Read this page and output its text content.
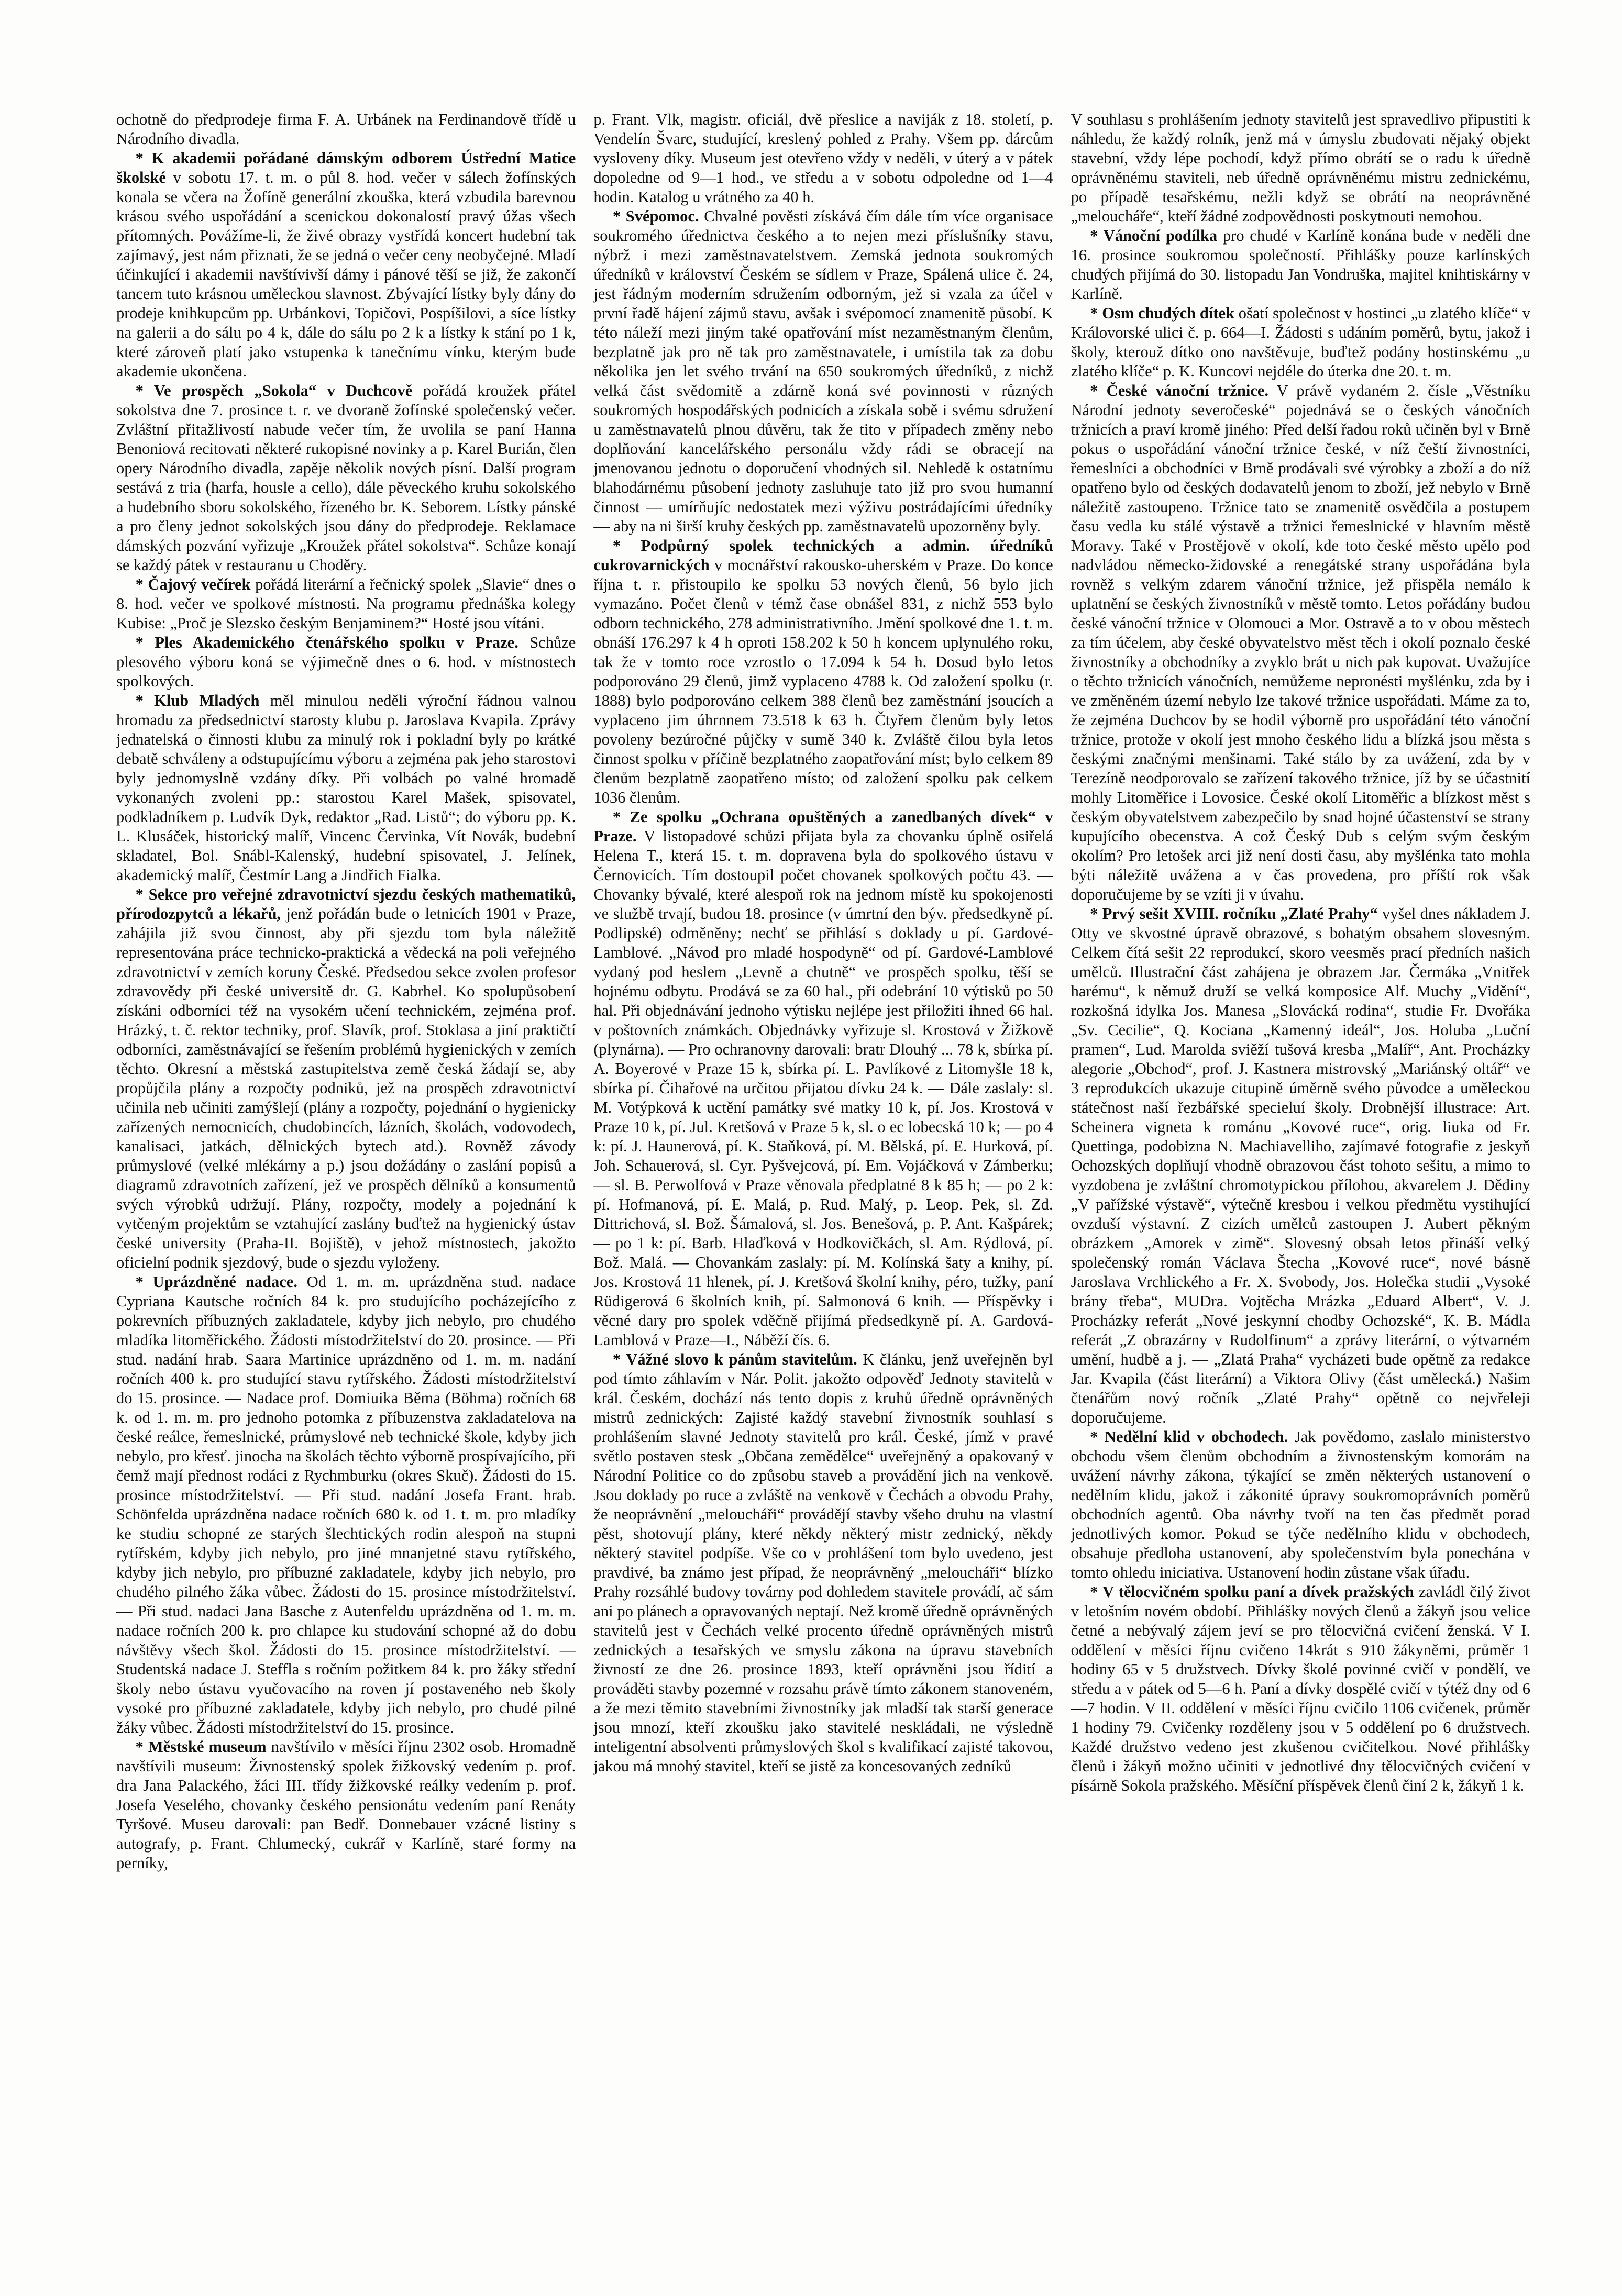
ochotně do předprodeje firma F. A. Urbánek na Ferdinandově třídě u Národního divadla.

* K akademii pořádané dámským odborem Ústřední Matice školské v sobotu 17. t. m. o půl 8. hod. večer v sálech žofínských konala se včera na Žofíně generální zkouška, která vzbudila barevnou krásou svého uspořádání a scenickou dokonalostí pravý úžas všech přítomných. Povážíme-li, že živé obrazy vystřídá koncert hudební tak zajímavý, jest nám přiznati, že se jedná o večer ceny neobyčejné. Mladí účinkující i akademii navštívivší dámy i pánové těší se již, že zakončí tancem tuto krásnou uměleckou slavnost. Zbývající lístky byly dány do prodeje knihkupcům pp. Urbánkovi, Topičovi, Pospíšilovi, a síce lístky na galerii a do sálu po 4 k, dále do sálu po 2 k a lístky k stání po 1 k, které zároveň platí jako vstupenka k tanečnímu vínku, kterým bude akademie ukončena.

* Ve prospěch „Sokola“ v Duchcově pořádá kroužek přátel sokolstva dne 7. prosince t. r. ve dvoraně žofínské společenský večer. Zvláštní přitažlivostí nabude večer tím, že uvolila se paní Hanna Benoniová recitovati některé rukopisné novinky a p. Karel Burián, člen opery Národního divadla, zapěje několik nových písní. Další program sestává z tria (harfa, housle a cello), dále pěveckého kruhu sokolského a hudebního sboru sokolského, řízeného br. K. Seborem. Lístky pánské a pro členy jednot sokolských jsou dány do předprodeje. Reklamace dámských pozvání vyřizuje „Kroužek přátel sokolstva“. Schůze konají se každý pátek v restauranu u Choděry.

* Čajový večírek pořádá literární a řečnický spolek „Slavie“ dnes o 8. hod. večer ve spolkové místnosti. Na programu přednáška kolegy Kubise: „Proč je Slezsko českým Benjaminem?“ Hosté jsou vítáni.

* Ples Akademického čtenářského spolku v Praze. Schůze plesového výboru koná se výjimečně dnes o 6. hod. v místnostech spolkových.

* Klub Mladých měl minulou neděli výroční řádnou valnou hromadu za předsednictví starosty klubu p. Jaroslava Kvapila. Zprávy jednatelská o činnosti klubu za minulý rok i pokladní byly po krátké debatě schváleny a odstupujícímu výboru a zejména pak jeho starostovi byly jednomyslně vzdány díky. Při volbách po valné hromadě vykonaných zvoleni pp.: starostou Karel Mašek, spisovatel, podkladníkem p. Ludvík Dyk, redaktor „Rad. Listů“; do výboru pp. K. L. Klusáček, historický malíř, Vincenc Červinka, Vít Novák, budební skladatel, Bol. Snábl-Kalenský, hudební spisovatel, J. Jelínek, akademický malíř, Čestmír Lang a Jindřich Fialka.

* Sekce pro veřejné zdravotnictví sjezdu českých mathematiků, přírodozpytců a lékařů, jenž pořádán bude o letnicích 1901 v Praze, zahájila již svou činnost, aby při sjezdu tom byla náležitě representována práce technicko-praktická a vědecká na poli veřejného zdravotnictví v zemích koruny České. Předsedou sekce zvolen profesor zdravovědy při české universitě dr. G. Kabrhel. Ko spolupůsobení získáni odborníci též na vysokém učení technickém, zejména prof. Hrázký, t. č. rektor techniky, prof. Slavík, prof. Stoklasa a jiní praktičtí odborníci, zaměstnávající se řešením problémů hygienických v zemích těchto. Okresní a městská zastupitelstva země česká žádají se, aby propůjčila plány a rozpočty podniků, jež na prospěch zdravotnictví učinila neb učiniti zamýšlejí (plány a rozpočty, pojednání o hygienicky zařízených nemocnicích, chudobincích, lázních, školách, vodovodech, kanalisaci, jatkách, dělnických bytech atd.). Rovněž závody průmyslové (velké mlékárny a p.) jsou dožádány o zaslání popisů a diagramů zdravotních zařízení, jež ve prospěch dělníků a konsumentů svých výrobků udržují. Plány, rozpočty, modely a pojednání k vytčeným projektům se vztahující zaslány buďtež na hygienický ústav české university (Praha-II. Bojiště), v jehož místnostech, jakožto oficielní podnik sjezdový, bude o sjezdu vyloženy.

* Uprázdněné nadace. Od 1. m. m. uprázdněna stud. nadace Cypriana Kautsche ročních 84 k. pro studujícího pocházejícího z pokrevních příbuzných zakladatele, kdyby jich nebylo, pro chudého mladíka litoměřického. Žádosti místodržitelství do 20. prosince. — Při stud. nadání hrab. Saara Martinice uprázdněno od 1. m. m. nadání ročních 400 k. pro studující stavu rytířského. Žádosti místodržitelství do 15. prosince. — Nadace prof. Domiuika Běma (Böhma) ročních 68 k. od 1. m. m. pro jednoho potomka z příbuzenstva zakladatelova na české reálce, řemeslnické, průmyslové neb technické škole, kdyby jich nebylo, pro křesť. jinocha na školách těchto výborně prospívajícího, při čemž mají přednost rodáci z Rychmburku (okres Skuč). Žádosti do 15. prosince místodržitelství. — Při stud. nadání Josefa Frant. hrab. Schönfelda uprázdněna nadace ročních 680 k. od 1. t. m. pro mladíky ke studiu schopné ze starých šlechtických rodin alespoň na stupni rytířském, kdyby jich nebylo, pro jiné mnanjetné stavu rytířského, kdyby jich nebylo, pro příbuzné zakladatele, kdyby jich nebylo, pro chudého pilného žáka vůbec. Žádosti do 15. prosince místodržitelství. — Při stud. nadaci Jana Basche z Autenfeldu uprázdněna od 1. m. m. nadace ročních 200 k. pro chlapce ku studování schopné až do dobu návštěvy všech škol. Žádosti do 15. prosince místodržitelství. — Studentská nadace J. Steffla s ročním požitkem 84 k. pro žáky střední školy nebo ústavu vyučovacího na roven jí postaveného neb školy vysoké pro příbuzné zakladatele, kdyby jich nebylo, pro chudé pilné žáky vůbec. Žádosti místodržitelství do 15. prosince.

* Městské museum navštívilo v měsíci říjnu 2302 osob. Hromadně navštívili museum: Živnostenský spolek žižkovský vedením p. prof. dra Jana Palackého, žáci III. třídy žižkovské reálky vedením p. prof. Josefa Veselého, chovanky českého pensionátu vedením paní Renáty Tyršové. Museu darovali: pan Bedř. Donnebauer vzácné listiny s autografy, p. Frant. Chlumecký, cukrář v Karlíně, staré formy na perníky,

p. Frant. Vlk, magistr. oficiál, dvě přeslice a naviják z 18. století, p. Vendelín Švarc, studující, kreslený pohled z Prahy. Všem pp. dárcům vysloveny díky. Museum jest otevřeno vždy v neděli, v úterý a v pátek dopoledne od 9—1 hod., ve středu a v sobotu odpoledne od 1—4 hodin. Katalog u vrátného za 40 h.

* Svépomoc. Chvalné pověsti získává čím dále tím více organisace soukromého úřednictva českého a to nejen mezi příslušníky stavu, nýbrž i mezi zaměstnavatelstvem. Zemská jednota soukromých úředníků v království Českém se sídlem v Praze, Spálená ulice č. 24, jest řádným moderním sdružením odborným, jež si vzala za účel v první řadě hájení zájmů stavu, avšak i svépomocí znamenitě působí. K této náleží mezi jiným také opatřování míst nezaměstnaným členům, bezplatně jak pro ně tak pro zaměstnavatele, i umístila tak za dobu několika jen let svého trvání na 650 soukromých úředníků, z nichž velká část svědomitě a zdárně koná své povinnosti v různých soukromých hospodářských podnicích a získala sobě i svému sdružení u zaměstnavatelů plnou důvěru, tak že tito v případech změny nebo doplňování kancelářského personálu vždy rádi se obracejí na jmenovanou jednotu o doporučení vhodných sil. Nehledě k ostatnímu blahodárnému působení jednoty zasluhuje tato již pro svou humanní činnost — umírňujíc nedostatek mezi výživu postrádajícími úředníky — aby na ni širší kruhy českých pp. zaměstnavatelů upozorněny byly.

* Podpůrný spolek technických a admin. úředníků cukrovarnických v mocnářství rakousko-uherském v Praze. Do konce října t. r. přistoupilo ke spolku 53 nových členů, 56 bylo jich vymazáno. Počet členů v témž čase obnášel 831, z nichž 553 bylo odborn technického, 278 administrativního. Jmění spolkové dne 1. t. m. obnáší 176.297 k 4 h oproti 158.202 k 50 h koncem uplynulého roku, tak že v tomto roce vzrostlo o 17.094 k 54 h. Dosud bylo letos podporováno 29 členů, jimž vyplaceno 4788 k. Od založení spolku (r. 1888) bylo podporováno celkem 388 členů bez zaměstnání jsoucích a vyplaceno jim úhrnnem 73.518 k 63 h. Čtyřem členům byly letos povoleny bezúročné půjčky v sumě 340 k. Zvláště čilou byla letos činnost spolku v příčině bezplatného zaopatřování míst; bylo celkem 89 členům bezplatně zaopatřeno místo; od založení spolku pak celkem 1036 členům.

* Ze spolku „Ochrana opuštěných a zanedbaných dívek“ v Praze. V listopadové schůzi přijata byla za chovanku úplně osiřelá Helena T., která 15. t. m. dopravena byla do spolkového ústavu v Černovicích. Tím dostoupil počet chovanek spolkových počtu 43. — Chovanky bývalé, které alespoň rok na jednom místě ku spokojenosti ve službě trvají, budou 18. prosince (v úmrtní den býv. předsedkyně pí. Podlipské) odměněny; nechť se přihlásí s doklady u pí. Gardové-Lamblové. „Návod pro mladé hospodyně“ od pí. Gardové-Lamblové vydaný pod heslem „Levně a chutně“ ve prospěch spolku, těší se hojnému odbytu. Prodává se za 60 hal., při odebrání 10 výtisků po 50 hal. Při objednávání jednoho výtisku nejlépe jest přiložiti ihned 66 hal. v poštovních známkách. Objednávky vyřizuje sl. Krostová v Žižkově (plynárna). — Pro ochranovny darovali: bratr Dlouhý ... 78 k, sbírka pí. A. Boyerové v Praze 15 k, sbírka pí. L. Pavlíkové z Litomyšle 18 k, sbírka pí. Čihařové na určitou přijatou dívku 24 k. — Dále zaslaly: sl. M. Votýpková k uctění památky své matky 10 k, pí. Jos. Krostová v Praze 10 k, pí. Jul. Kretšová v Praze 5 k, sl. o ec lobecská 10 k; — po 4 k: pí. J. Haunerová, pí. K. Staňková, pí. M. Bělská, pí. E. Hurková, pí. Joh. Schauerová, sl. Cyr. Pyšvejcová, pí. Em. Vojáčková v Zámberku; — sl. B. Perwolfová v Praze věnovala předplatné 8 k 85 h; — po 2 k: pí. Hofmanová, pí. E. Malá, p. Rud. Malý, p. Leop. Pek, sl. Zd. Dittrichová, sl. Bož. Šámalová, sl. Jos. Benešová, p. P. Ant. Kašpárek; — po 1 k: pí. Barb. Hlaďková v Hodkovičkách, sl. Am. Rýdlová, pí. Bož. Malá. — Chovankám zaslaly: pí. M. Kolínská šaty a knihy, pí. Jos. Krostová 11 hlenek, pí. J. Kretšová školní knihy, péro, tužky, paní Rüdigerová 6 školních knih, pí. Salmonová 6 knih. — Příspěvky i věcné dary pro spolek vděčně přijímá předsedkyně pí. A. Gardová-Lamblová v Praze—I., Náběží čís. 6.

* Vážné slovo k pánům stavitelům. K článku, jenž uveřejněn byl pod tímto záhlavím v Nár. Polit. jakožto odpověď Jednoty stavitelů v král. Českém, dochází nás tento dopis z kruhů úředně oprávněných mistrů zednických: Zajisté každý stavební živnostník souhlasí s prohlášením slavné Jednoty stavitelů pro král. České, jímž v pravé světlo postaven stesk „Občana zemědělce“ uveřejněný a opakovaný v Národní Politice co do způsobu staveb a provádění jich na venkově. Jsou doklady po ruce a zvláště na venkově v Čechách a obvodu Prahy, že neoprávnění „meloucháři“ provádějí stavby všeho druhu na vlastní pěst, shotovují plány, které někdy některý mistr zednický, někdy některý stavitel podpíše. Vše co v prohlášení tom bylo uvedeno, jest pravdivé, ba známo jest případ, že neoprávněný „meloucháři“ blízko Prahy rozsáhlé budovy továrny pod dohledem stavitele provádí, ač sám ani po plánech a opravovaných neptají. Než kromě úředně oprávněných stavitelů jest v Čechách velké procento úředně oprávněných mistrů zednických a tesařských ve smyslu zákona na úpravu stavebních živností ze dne 26. prosince 1893, kteří oprávněni jsou řídití a prováděti stavby pozemné v rozsahu právě tímto zákonem stanoveném, a že mezi těmito stavebními živnostníky jak mladší tak starší generace jsou mnozí, kteří zkoušku jako stavitelé neskládali, ne výsledně inteligentní absolventi průmyslových škol s kvalifikací zajisté takovou, jakou má mnohý stavitel, kteří se jistě za koncesovaných zedníků

V souhlasu s prohlášením jednoty stavitelů jest spravedlivo připustiti k náhledu, že každý rolník, jenž má v úmyslu zbudovati nějaký objekt stavební, vždy lépe pochodí, když přímo obrátí se o radu k úředně oprávněnému staviteli, neb úředně oprávněnému mistru zednickému, po případě tesařskému, nežli když se obrátí na neoprávněné „meloucháře“, kteří žádné zodpovědnosti poskytnouti nemohou.

* Vánoční podílka pro chudé v Karlíně konána bude v neděli dne 16. prosince soukromou společností. Přihlášky pouze karlínských chudých přijímá do 30. listopadu Jan Vondruška, majitel knihtiskárny v Karlíně.

* Osm chudých dítek ošatí společnost v hostinci „u zlatého klíče“ v Královorské ulici č. p. 664—I. Žádosti s udáním poměrů, bytu, jakož i školy, kterouž dítko ono navštěvuje, buďtež podány hostinskému „u zlatého klíče“ p. K. Kuncovi nejdéle do úterka dne 20. t. m.

* České vánoční tržnice. V právě vydaném 2. čísle „Věstníku Národní jednoty severočeské“ pojednává se o českých vánočních tržnicích a praví kromě jiného: Před delší řadou roků učiněn byl v Brně pokus o uspořádání vánoční tržnice české, v níž čeští živnostníci, řemeslníci a obchodníci v Brně prodávali své výrobky a zboží a do níž opatřeno bylo od českých dodavatelů jenom to zboží, jež nebylo v Brně náležitě zastoupeno. Tržnice tato se znamenitě osvědčila a postupem času vedla ku stálé výstavě a tržnici řemeslnické v hlavním městě Moravy. Také v Prostějově v okolí, kde toto české město upělo pod nadvládou německo-židovské a renegátské strany uspořádána byla rovněž s velkým zdarem vánoční tržnice, jež přispěla nemálo k uplatnění se českých živnostníků v městě tomto. Letos pořádány budou české vánoční tržnice v Olomouci a Mor. Ostravě a to v obou městech za tím účelem, aby české obyvatelstvo měst těch i okolí poznalo české živnostníky a obchodníky a zvyklo brát u nich pak kupovat. Uvažujíce o těchto tržnicích vánočních, nemůžeme nepronésti myšlénku, zda by i ve změněném území nebylo lze takové tržnice uspořádati. Máme za to, že zejména Duchcov by se hodil výborně pro uspořádání této vánoční tržnice, protože v okolí jest mnoho českého lidu a blízká jsou města s českými značnými menšinami. Také stálo by za uvážení, zda by v Terezíně neodporovalo se zařízení takového tržnice, jíž by se účastnití mohly Litoměřice i Lovosice. České okolí Litoměřic a blízkost měst s českým obyvatelstvem zabezpečilo by snad hojné účastenství se strany kupujícího obecenstva. A což Český Dub s celým svým českým okolím? Pro letošek arci již není dosti času, aby myšlénka tato mohla býti náležitě uvážena a v čas provedena, pro příští rok však doporučujeme by se vzíti ji v úvahu.

* Prvý sešit XVIII. ročníku „Zlaté Prahy“ vyšel dnes nákladem J. Otty ve skvostné úpravě obrazové, s bohatým obsahem slovesným. Celkem čítá sešit 22 reprodukcí, skoro veesměs prací předních našich umělců. Illustrační část zahájena je obrazem Jar. Čermáka „Vnitřek harému“, k němuž druží se velká komposice Alf. Muchy „Vidění“, rozkošná idylka Jos. Manesa „Slovácká rodina“, studie Fr. Dvořáka „Sv. Cecilie“, Q. Kociana „Kamenný ideál“, Jos. Holuba „Luční pramen“, Lud. Marolda sviěží tušová kresba „Malíř“, Ant. Procházky alegorie „Obchod“, prof. J. Kastnera mistrovský „Mariánský oltář“ ve 3 reprodukcích ukazuje citupině úměrně svého původce a uměleckou státečnost naší řezbářské specieluí školy. Drobnější illustrace: Art. Scheinera vigneta k románu „Kovové ruce“, orig. liuka od Fr. Quettinga, podobizna N. Machiavelliho, zajímavé fotografie z jeskyň Ochozských doplňují vhodně obrazovou část tohoto sešitu, a mimo to vyzdobena je zvláštní chromotypickou přílohou, akvarelem J. Dědiny „V pařížské výstavě“, výtečně kresbou i velkou předmětu vystihující ovzduší výstavní. Z cizích umělců zastoupen J. Aubert pěkným obrázkem „Amorek v zimě“. Slovesný obsah letos přináší velký společenský román Václava Štecha „Kovové ruce“, nové básně Jaroslava Vrchlického a Fr. X. Svobody, Jos. Holečka studii „Vysoké brány třeba“, MUDra. Vojtěcha Mrázka „Eduard Albert“, V. J. Procházky referát „Nové jeskynní chodby Ochozské“, K. B. Mádla referát „Z obrazárny v Rudolfinum“ a zprávy literární, o výtvarném umění, hudbě a j. — „Zlatá Praha“ vycházeti bude opětně za redakce Jar. Kvapila (část literární) a Viktora Olivy (část umělecká.) Našim čtenářům nový ročník „Zlaté Prahy“ opětně co nejvřeleji doporučujeme.

* Nedělní klid v obchodech. Jak povědomo, zaslalo ministerstvo obchodu všem členům obchodním a živnostenským komorám na uvážení návrhy zákona, týkající se změn některých ustanovení o nedělním klidu, jakož i zákonité úpravy soukromoprávních poměrů obchodních agentů. Oba návrhy tvoří na ten čas předmět porad jednotlivých komor. Pokud se týče nedělního klidu v obchodech, obsahuje předloha ustanovení, aby společenstvím byla ponechána v tomto ohledu iniciativa. Ustanovení hodin zůstane však úřadu.

* V tělocvičném spolku paní a dívek pražských zavládl čilý život v letošním novém období. Přihlášky nových členů a žákyň jsou velice četné a nebývalý zájem jeví se pro tělocvičná cvičení ženská. V I. oddělení v měsíci říjnu cvičeno 14krát s 910 žákyněmi, průměr 1 hodiny 65 v 5 družstvech. Dívky školé povinné cvičí v pondělí, ve středu a v pátek od 5—6 h. Paní a dívky dospělé cvičí v týtéž dny od 6—7 hodin. V II. oddělení v měsíci říjnu cvičilo 1106 cvičenek, průměr 1 hodiny 79. Cvičenky rozděleny jsou v 5 oddělení po 6 družstvech. Každé družstvo vedeno jest zkušenou cvičitelkou. Nové přihlášky členů i žákyň možno učiniti v jednotlivé dny tělocvičných cvičení v písárně Sokola pražského. Měsíční příspěvek členů činí 2 k, žákyň 1 k.
